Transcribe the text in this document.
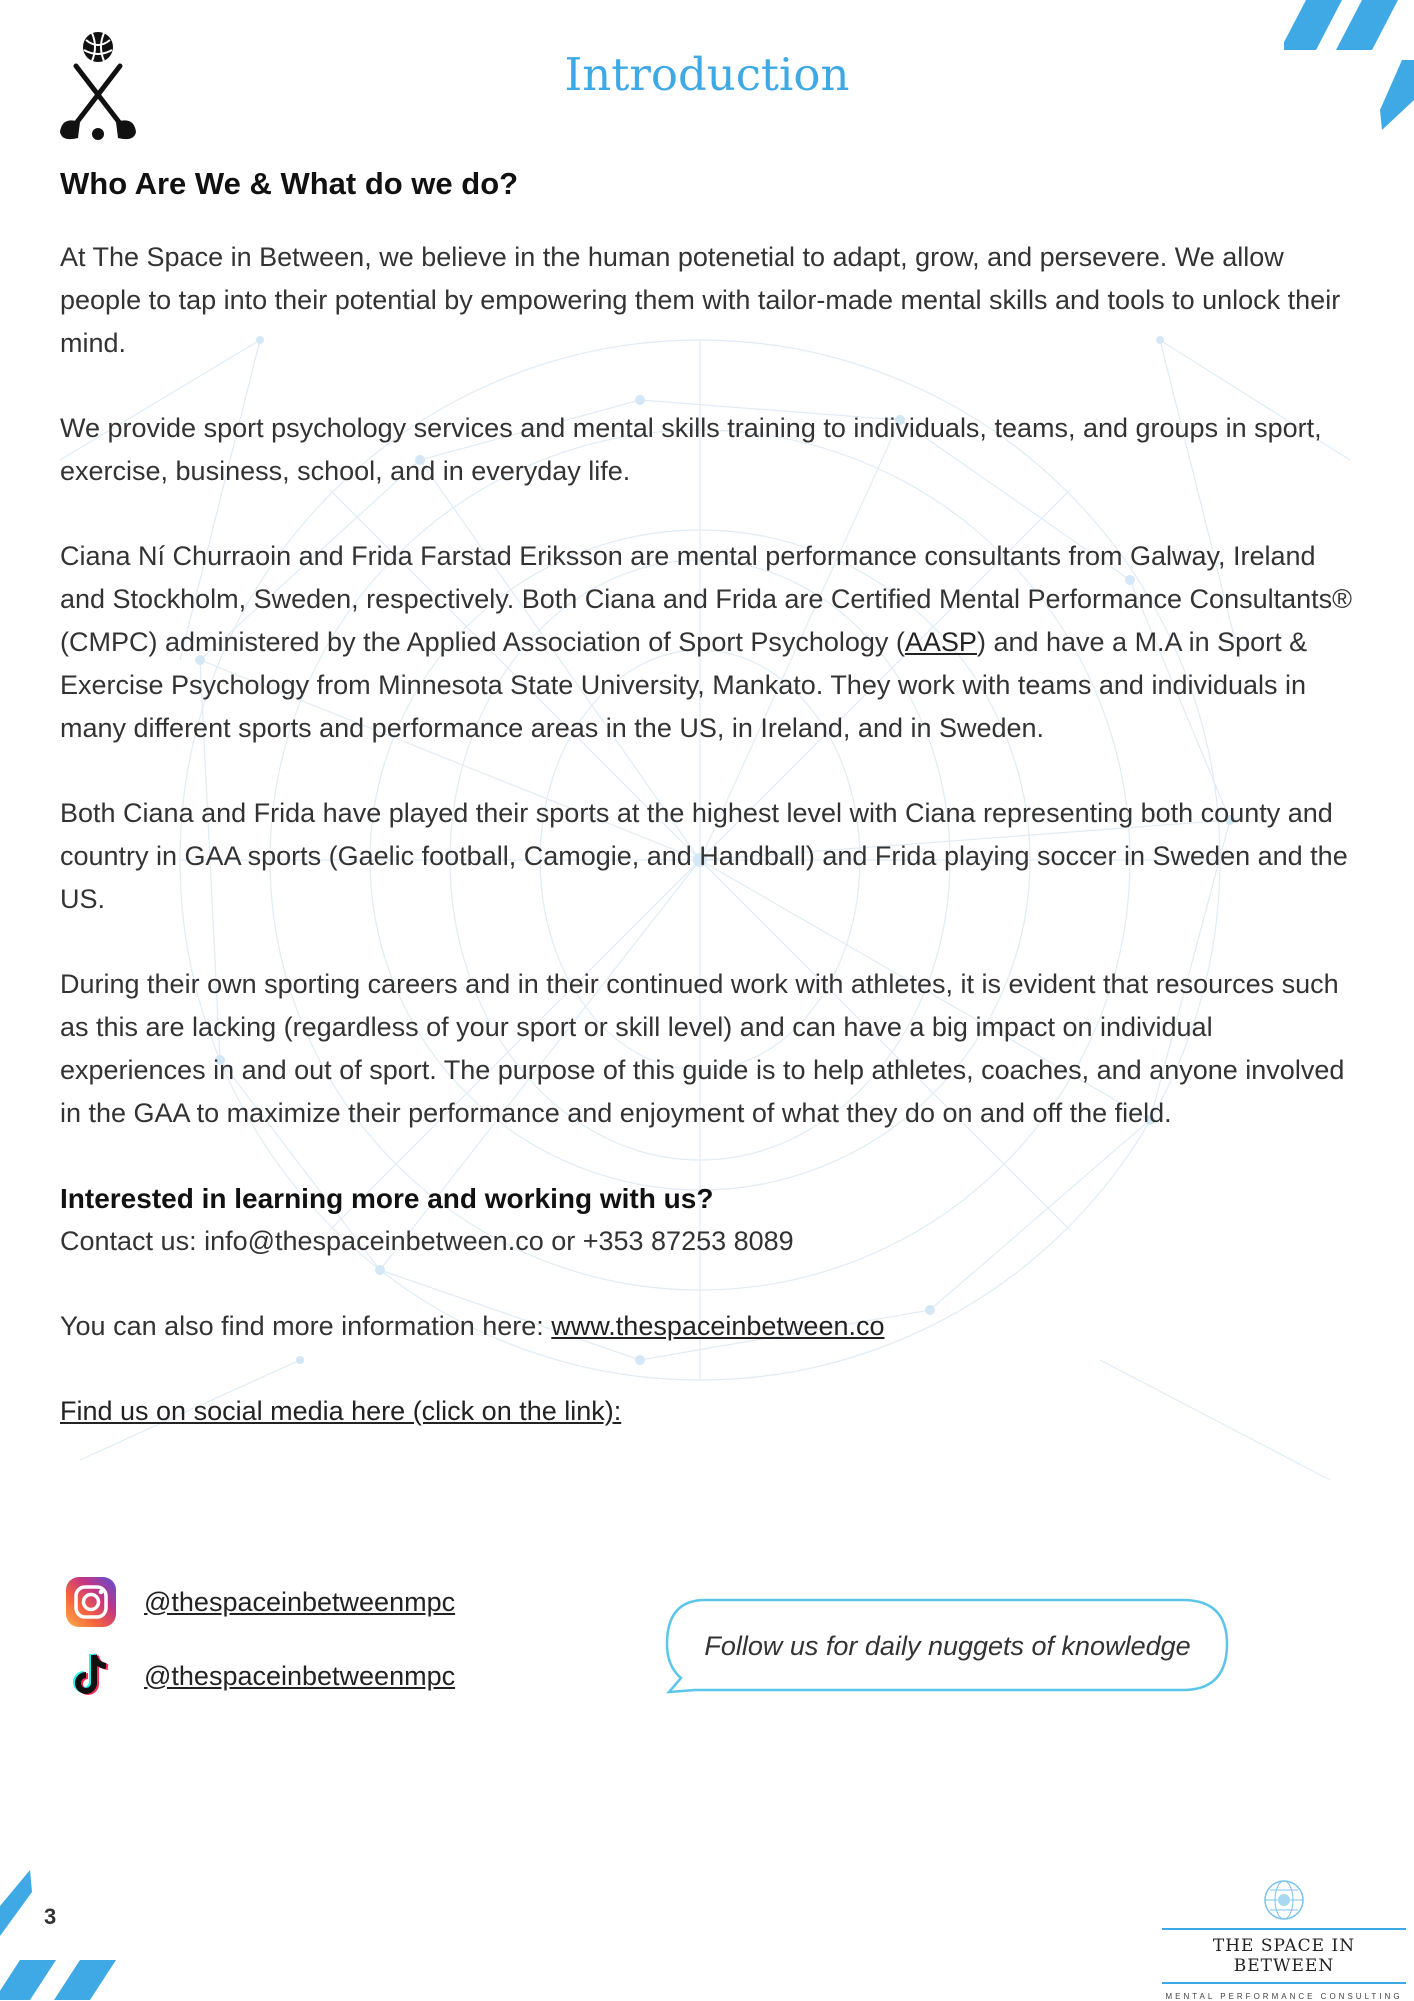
Introduction
Who Are We & What do we do?

At The Space in Between, we believe in the human potenetial to adapt, grow, and persevere. We allow people to tap into their potential by empowering them with tailor-made mental skills and tools to unlock their mind.

We provide sport psychology services and mental skills training to individuals, teams, and groups in sport, exercise, business, school, and in everyday life.

Ciana Ní Churraoin and Frida Farstad Eriksson are mental performance consultants from Galway, Ireland and Stockholm, Sweden, respectively. Both Ciana and Frida are Certified Mental Performance Consultants® (CMPC) administered by the Applied Association of Sport Psychology (AASP) and have a M.A in Sport & Exercise Psychology from Minnesota State University, Mankato. They work with teams and individuals in many different sports and performance areas in the US, in Ireland, and in Sweden.

Both Ciana and Frida have played their sports at the highest level with Ciana representing both county and country in GAA sports (Gaelic football, Camogie, and Handball) and Frida playing soccer in Sweden and the US.

During their own sporting careers and in their continued work with athletes, it is evident that resources such as this are lacking (regardless of your sport or skill level) and can have a big impact on individual experiences in and out of sport. The purpose of this guide is to help athletes, coaches, and anyone involved in the GAA to maximize their performance and enjoyment of what they do on and off the field.

Interested in learning more and working with us?
Contact us: info@thespaceinbetween.co or +353 87253 8089
You can also find more information here: www.thespaceinbetween.co
Find us on social media here (click on the link):
@thespaceinbetweenmpc
@thespaceinbetweenmpc
Follow us for daily nuggets of knowledge
3
THE SPACE IN BETWEEN
MENTAL PERFORMANCE CONSULTING
